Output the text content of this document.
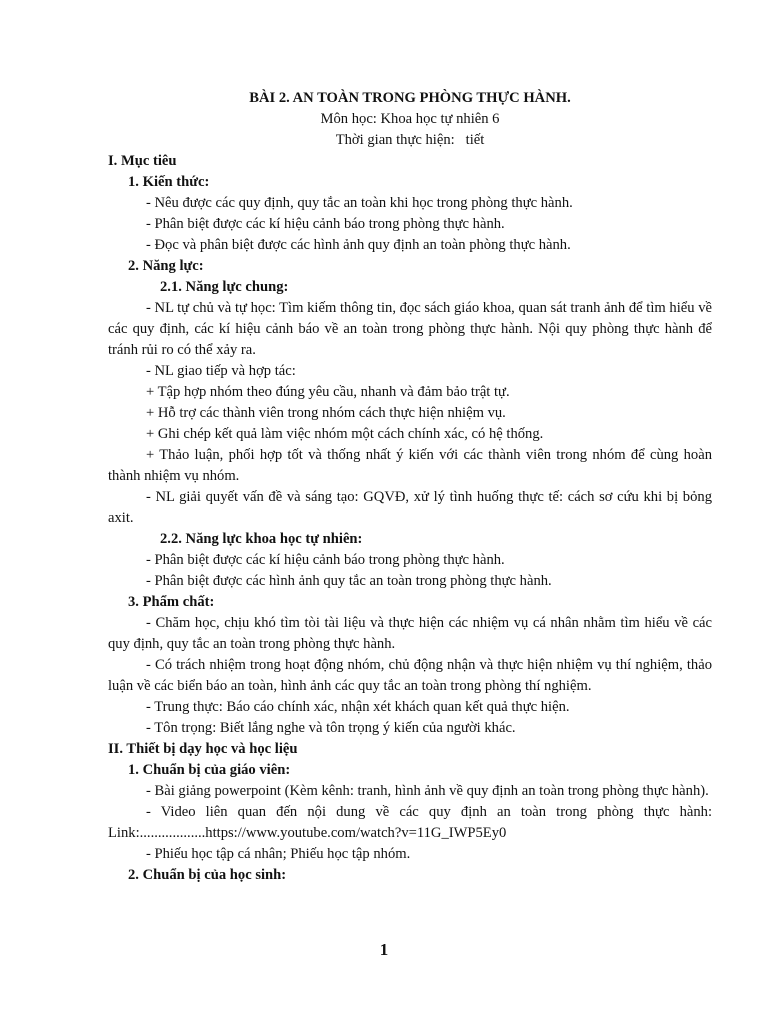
BÀI 2. AN TOÀN TRONG PHÒNG THỰC HÀNH.
Môn học: Khoa học tự nhiên 6
Thời gian thực hiện:   tiết
I. Mục tiêu
1. Kiến thức:
- Nêu được các quy định, quy tắc an toàn khi học trong phòng thực hành.
- Phân biệt được các kí hiệu cảnh báo trong phòng thực hành.
- Đọc và phân biệt được các hình ảnh quy định an toàn phòng thực hành.
2. Năng lực:
2.1. Năng lực chung:
- NL tự chủ và tự học: Tìm kiếm thông tin, đọc sách giáo khoa, quan sát tranh ảnh để tìm hiểu về các quy định, các kí hiệu cảnh báo về an toàn trong phòng thực hành. Nội quy phòng thực hành để tránh rủi ro có thể xảy ra.
- NL giao tiếp và hợp tác:
+ Tập hợp nhóm theo đúng yêu cầu, nhanh và đảm bảo trật tự.
+ Hỗ trợ các thành viên trong nhóm cách thực hiện nhiệm vụ.
+ Ghi chép kết quả làm việc nhóm một cách chính xác, có hệ thống.
+ Thảo luận, phối hợp tốt và thống nhất ý kiến với các thành viên trong nhóm để cùng hoàn thành nhiệm vụ nhóm.
- NL giải quyết vấn đề và sáng tạo: GQVĐ, xử lý tình huống thực tế: cách sơ cứu khi bị bỏng axit.
2.2. Năng lực khoa học tự nhiên:
- Phân biệt được các kí hiệu cảnh báo trong phòng thực hành.
- Phân biệt được các hình ảnh quy tắc an toàn trong phòng thực hành.
3. Phẩm chất:
- Chăm học, chịu khó tìm tòi tài liệu và thực hiện các nhiệm vụ cá nhân nhằm tìm hiểu về các quy định, quy tắc an toàn trong phòng thực hành.
- Có trách nhiệm trong hoạt động nhóm, chủ động nhận và thực hiện nhiệm vụ thí nghiệm, thảo luận về các biển báo an toàn, hình ảnh các quy tắc an toàn trong phòng thí nghiệm.
- Trung thực: Báo cáo chính xác, nhận xét khách quan kết quả thực hiện.
- Tôn trọng: Biết lắng nghe và tôn trọng ý kiến của người khác.
II. Thiết bị dạy học và học liệu
1. Chuẩn bị của giáo viên:
- Bài giảng powerpoint (Kèm kênh: tranh, hình ảnh về quy định an toàn trong phòng thực hành).
- Video liên quan đến nội dung về các quy định an toàn trong phòng thực hành: Link:..................https://www.youtube.com/watch?v=11G_IWP5Ey0
- Phiếu học tập cá nhân; Phiếu học tập nhóm.
2. Chuẩn bị của học sinh:
1
